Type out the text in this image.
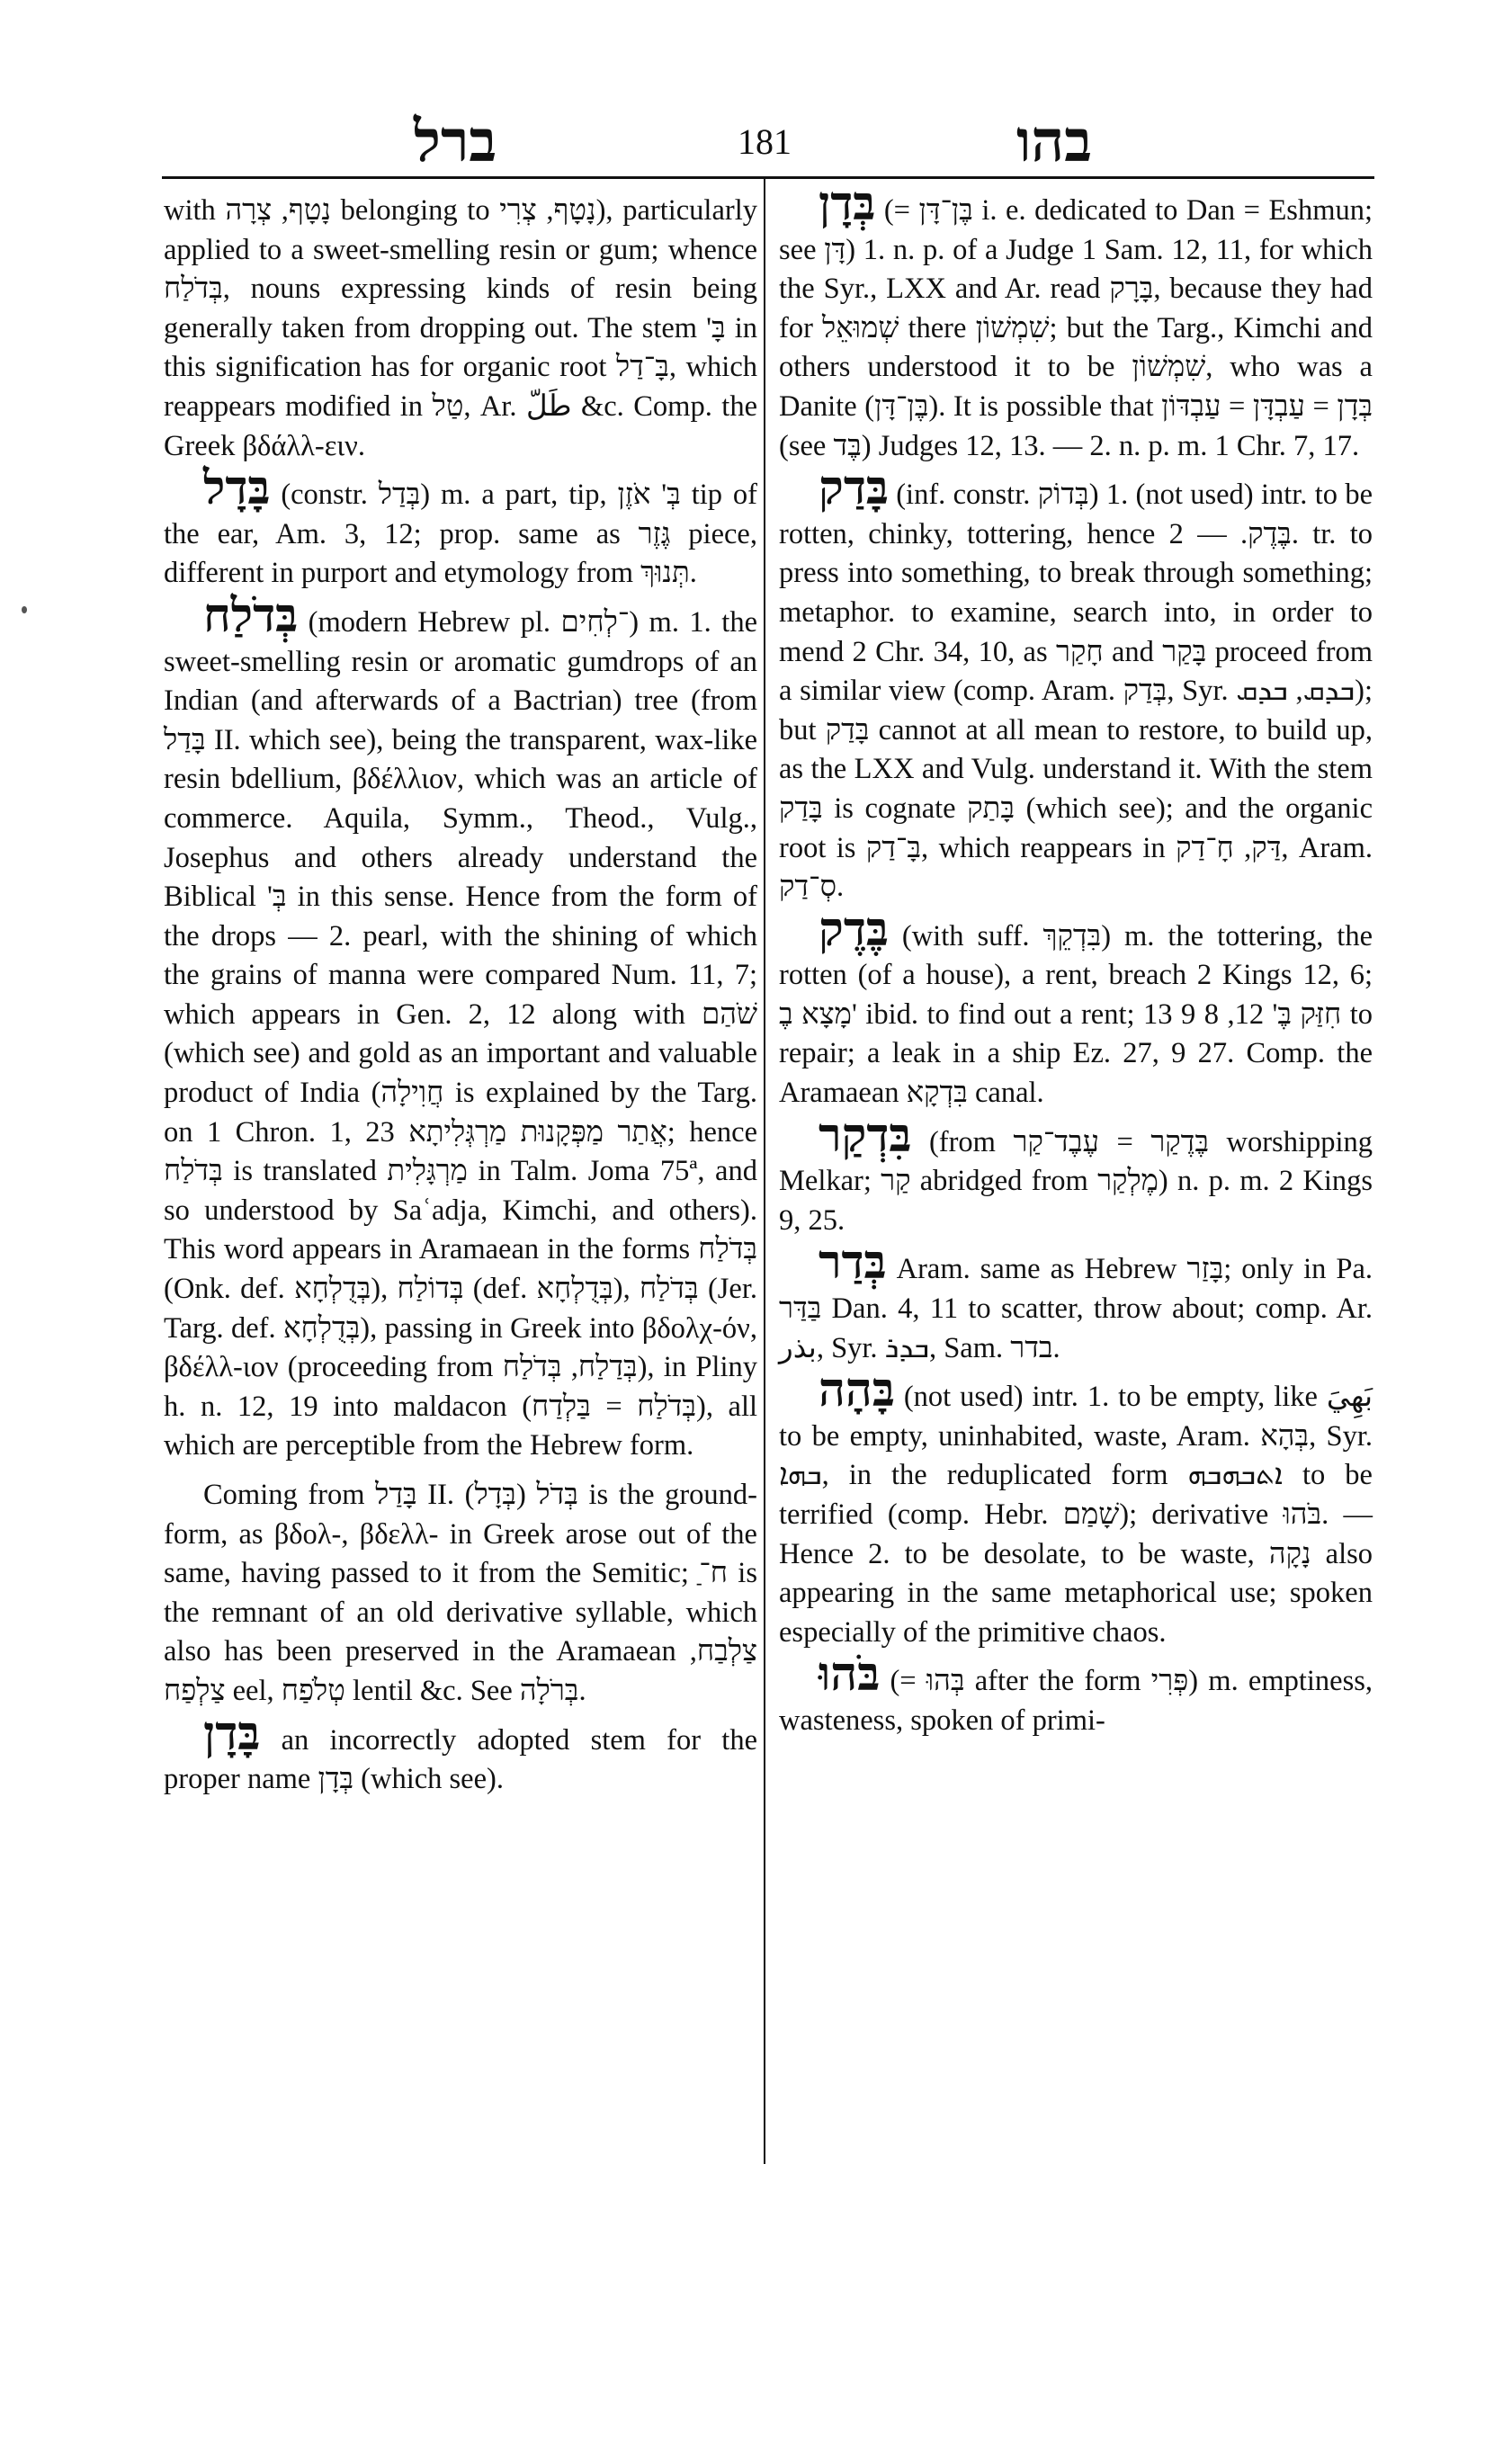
ברל	181	בהו

with נָטָף, צְרָה belonging to נָטָף, צְרִי), particularly applied to a sweet-smelling resin or gum; whence בְּדֹלַח, nouns expressing kinds of resin being generally taken from dropping out. The stem 'בָּ in this signification has for organic root בָּ־דַל, which reappears modified in טַל, Ar. طَلّ &c. Comp. the Greek βδάλλ-ειν.

בָּדָל (constr. בְּדַל) m. a part, tip, בְּ' אֹזֶן tip of the ear, Am. 3, 12; prop. same as גֶּזֶר piece, different in purport and etymology from תְּנוּךְ.

בְּדֹלַח (modern Hebrew pl. ־לְחִים) m. 1. the sweet-smelling resin or aromatic gumdrops of an Indian (and afterwards of a Bactrian) tree (from בָּדַל II. which see), being the transparent, wax-like resin bdellium, βδέλλιον, which was an article of commerce. Aquila, Symm., Theod., Vulg., Josephus and others already understand the Biblical 'בְּ in this sense. Hence from the form of the drops — 2. pearl, with the shining of which the grains of manna were compared Num. 11, 7; which appears in Gen. 2, 12 along with שֹׁהַם (which see) and gold as an important and valuable product of India (חֲוִילָה is explained by the Targ. on 1 Chron. 1, 23 אֲתַר מַפְּקָנוּת מַרְגְּלִיתָא; hence בְּדֹלַח is translated מַרְגָּלִית in Talm. Joma 75ª, and so understood by Saʿadja, Kimchi, and others). This word appears in Aramaean in the forms בְּדֹלַח (Onk. def. בְּדֻלְחָא), בְּדוֹלַח (def. בְּדֻלְחָא), בְּדֹלַח (Jer. Targ. def. בְּדֻלְחָא), passing in Greek into βδολχ-όν, βδέλλ-ιον (proceeding from בְּדַלַח, בְּדֹלַח), in Pliny h. n. 12, 19 into maldacon (בְּדֹלַח = בַּלְדַח), all which are perceptible from the Hebrew form.

Coming from בָּדַל II. בְּדֹל (בְּדָל) is the ground-form, as βδολ-, βδελλ- in Greek arose out of the same, having passed to it from the Semitic; ח־ַ is the remnant of an old derivative syllable, which also has been preserved in the Aramaean צַלְבַח, צַלְפַח eel, טְלֹפַח lentil &c. See בְּרֹלָה.

בָּדָן an incorrectly adopted stem for the proper name בְּדָן (which see).

בְּדָן (= בֶּן־דָּן i. e. dedicated to Dan = Eshmun; see דָּן) 1. n. p. of a Judge 1 Sam. 12, 11, for which the Syr., LXX and Ar. read בָּרָק, because they had for שְׁמוּאֵל there שִׁמְשׁוֹן; but the Targ., Kimchi and others understood it to be שִׁמְשׁוֹן, who was a Danite (בֶּן־דָּן). It is possible that בְּדָן = עַבְדָּן = עַבְדּוֹן (see בֶּד) Judges 12, 13. — 2. n. p. m. 1 Chr. 7, 17.

בָּדַק (inf. constr. בְּדוֹק) 1. (not used) intr. to be rotten, chinky, tottering, hence בֶּדֶק. — 2. tr. to press into something, to break through something; metaphor. to examine, search into, in order to mend 2 Chr. 34, 10, as חָקַר and בָּקַר proceed from a similar view (comp. Aram. בְּדַק, Syr. ܒܕܩ, ܒܕܩ); but בָּדַק cannot at all mean to restore, to build up, as the LXX and Vulg. understand it. With the stem בָּדַק is cognate בָּתַק (which see); and the organic root is בָּ־דַק, which reappears in דַּק, חָ־דַק, Aram. סְ־דַק.

בֶּדֶק (with suff. בִּדְקֵךְ) m. the tottering, the rotten (of a house), a rent, breach 2 Kings 12, 6; מָצָא בֶ' ibid. to find out a rent; חִזַּק בֶּ' 12, 8 9 13 to repair; a leak in a ship Ez. 27, 9 27. Comp. the Aramaean בִּדְקָא canal.

בִּדְקַר (from בֶּדֶקַר = עֶבֶד־קַר worshipping Melkar; קַר abridged from מֶלְקַר) n. p. m. 2 Kings 9, 25.

בְּדַר Aram. same as Hebrew בָּזַר; only in Pa. בַּדַּר Dan. 4, 11 to scatter, throw about; comp. Ar. بذر, Syr. ܒܕܪ, Sam. בדר.

בָּהָה (not used) intr. 1. to be empty, like بَهِيَ to be empty, uninhabited, waste, Aram. בְּהָא, Syr. ܒܗܐ, in the reduplicated form ܐܬܒܗܒܗ to be terrified (comp. Hebr. שָׁמַם); derivative בֹּהוּ. — Hence 2. to be desolate, to be waste, נָקָה also appearing in the same metaphorical use; spoken especially of the primitive chaos.

בֹּהוּ (= בְּהוּ after the form פְּרִי) m. emptiness, wasteness, spoken of primi-
